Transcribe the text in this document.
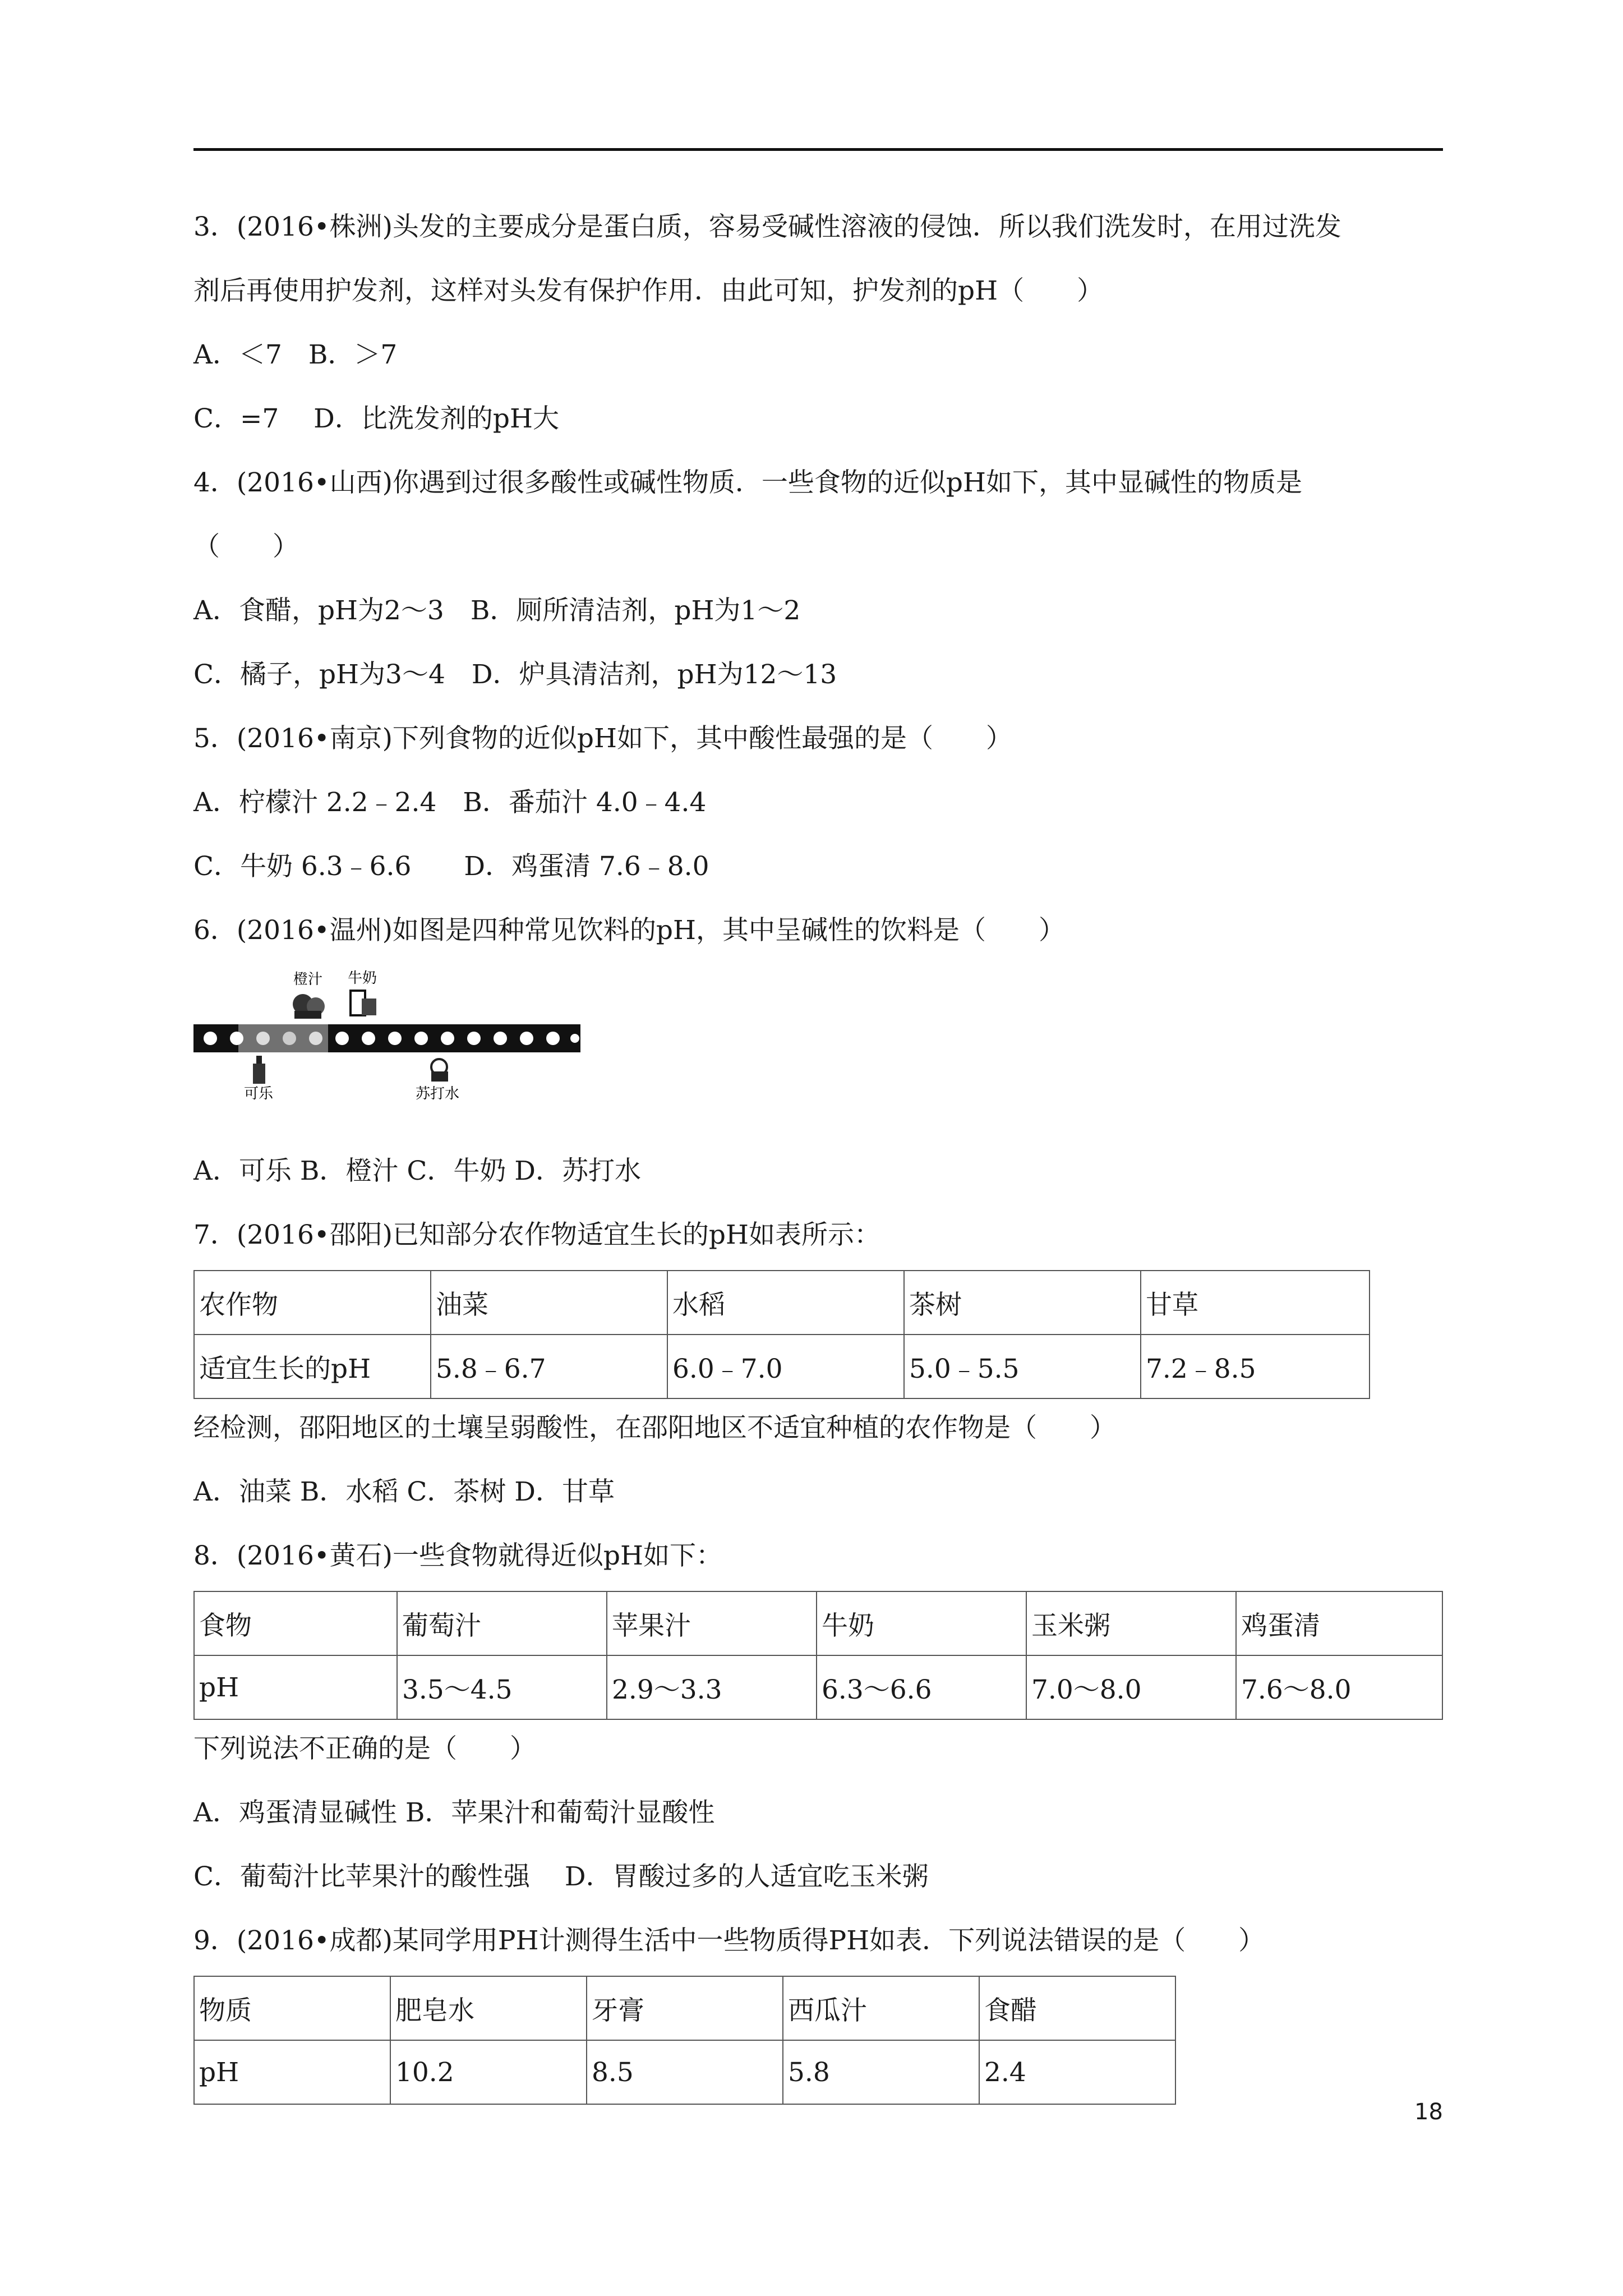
3．(2016•株洲)头发的主要成分是蛋白质，容易受碱性溶液的侵蚀．所以我们洗发时，在用过洗发
剂后再使用护发剂，这样对头发有保护作用．由此可知，护发剂的pH（　　）
A．＜7　B．＞7
C．=7　 D．比洗发剂的pH大
4．(2016•山西)你遇到过很多酸性或碱性物质．一些食物的近似pH如下，其中显碱性的物质是
（　　）
A．食醋，pH为2～3　B．厕所清洁剂，pH为1～2
C．橘子，pH为3～4　D．炉具清洁剂，pH为12～13
5．(2016•南京)下列食物的近似pH如下，其中酸性最强的是（　　）
A．柠檬汁 2.2﹣2.4　B．番茄汁 4.0﹣4.4
C．牛奶 6.3﹣6.6　　D．鸡蛋清 7.6﹣8.0
6．(2016•温州)如图是四种常见饮料的pH，其中呈碱性的饮料是（　　）
橙汁 牛奶
可乐	苏打水
A．可乐 B．橙汁 C．牛奶 D．苏打水
7．(2016•邵阳)已知部分农作物适宜生长的pH如表所示：
农作物	油菜	水稻	茶树	甘草
适宜生长的pH	5.8﹣6.7	6.0﹣7.0	5.0﹣5.5	7.2﹣8.5
经检测，邵阳地区的土壤呈弱酸性，在邵阳地区不适宜种植的农作物是（　　）
A．油菜 B．水稻 C．茶树 D．甘草
8．(2016•黄石)一些食物就得近似pH如下：
食物	葡萄汁	苹果汁	牛奶	玉米粥	鸡蛋清
pH	3.5～4.5	2.9～3.3	6.3～6.6	7.0～8.0	7.6～8.0
下列说法不正确的是（　　）
A．鸡蛋清显碱性 B．苹果汁和葡萄汁显酸性
C．葡萄汁比苹果汁的酸性强　 D．胃酸过多的人适宜吃玉米粥
9．(2016•成都)某同学用PH计测得生活中一些物质得PH如表．下列说法错误的是（　　）
物质	肥皂水	牙膏	西瓜汁	食醋
pH	10.2	8.5	5.8	2.4
18
